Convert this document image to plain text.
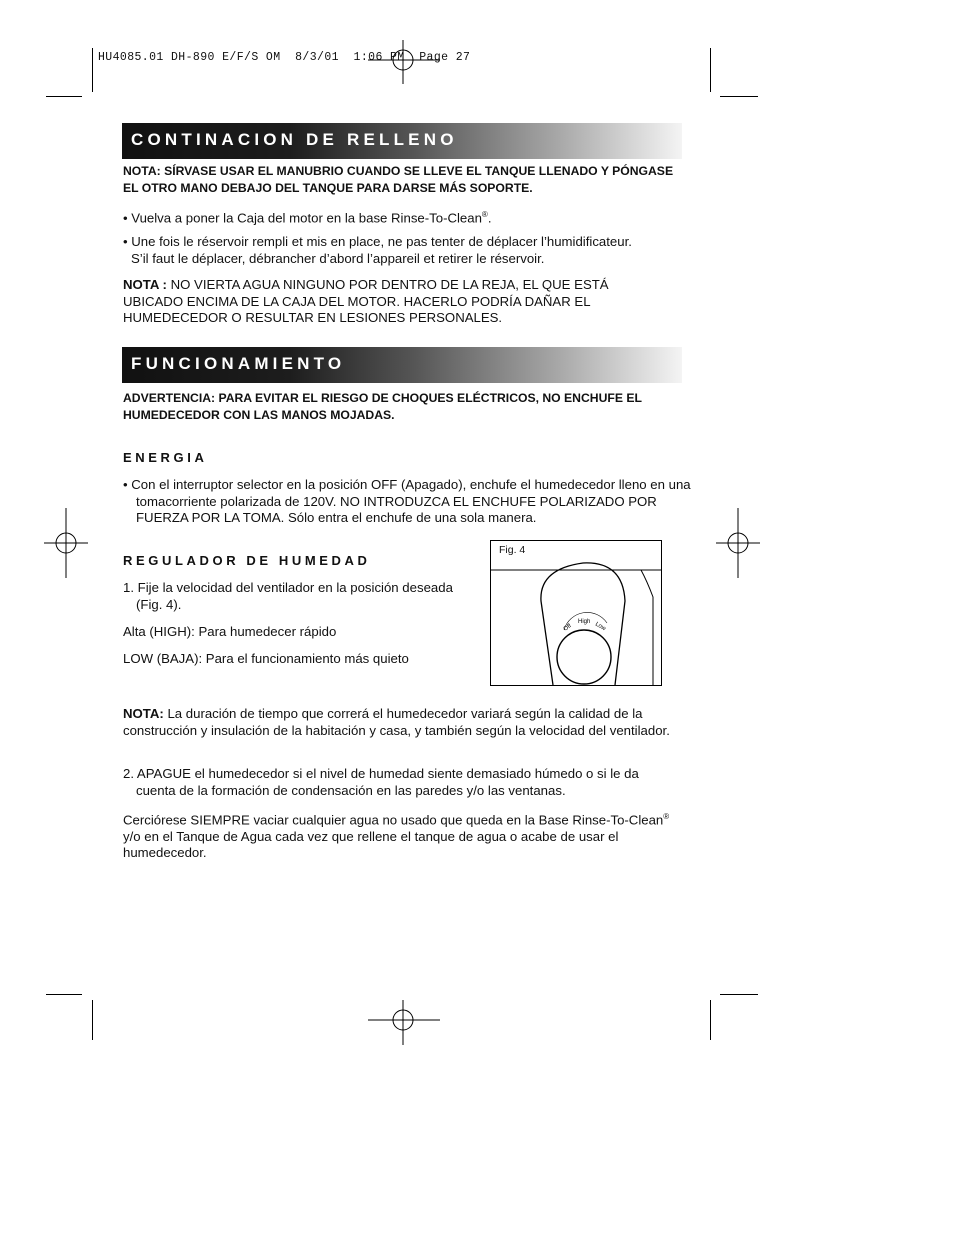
HU4085.01 DH-890 E/F/S OM  8/3/01  1:06 PM  Page 27
CONTINACION DE RELLENO
NOTA: SÍRVASE USAR EL MANUBRIO CUANDO SE LLEVE EL TANQUE LLENADO Y PÓNGASE EL OTRO MANO DEBAJO DEL TANQUE PARA DARSE MÁS SOPORTE.
• Vuelva a poner la Caja del motor en la base Rinse-To-Clean®.
• Une fois le réservoir rempli et mis en place, ne pas tenter de déplacer l’humidificateur.
S’il faut le déplacer, débrancher d’abord l’appareil et retirer le réservoir.
NOTA : NO VIERTA AGUA NINGUNO POR DENTRO DE LA REJA, EL QUE ESTÁ UBICADO ENCIMA DE LA CAJA DEL MOTOR. HACERLO PODRÍA DAÑAR EL HUMEDECEDOR O RESULTAR EN LESIONES PERSONALES.
FUNCIONAMIENTO
ADVERTENCIA: PARA EVITAR EL RIESGO DE CHOQUES ELÉCTRICOS, NO ENCHUFE EL HUMEDECEDOR CON LAS MANOS MOJADAS.
ENERGIA
• Con el interruptor selector en la posición OFF (Apagado), enchufe el humedecedor lleno en una tomacorriente polarizada de 120V. NO INTRODUZCA EL ENCHUFE POLARIZADO POR FUERZA POR LA TOMA. Sólo entra el enchufe de una sola manera.
REGULADOR DE HUMEDAD
1. Fije la velocidad del ventilador en la posición deseada (Fig. 4).
Alta (HIGH): Para humedecer rápido
LOW (BAJA): Para el funcionamiento más quieto
Fig. 4
Off
High Low
NOTA: La duración de tiempo que correrá el humedecedor variará según la calidad de la construcción y insulación de la habitación y casa, y también según la velocidad del ventilador.
2. APAGUE el humedecedor si el nivel de humedad siente demasiado húmedo o si le da cuenta de la formación de condensación en las paredes y/o las ventanas.
Cerciórese SIEMPRE vaciar cualquier agua no usado que queda en la Base Rinse-To-Clean® y/o en el Tanque de Agua cada vez que rellene el tanque de agua o acabe de usar el humedecedor.
